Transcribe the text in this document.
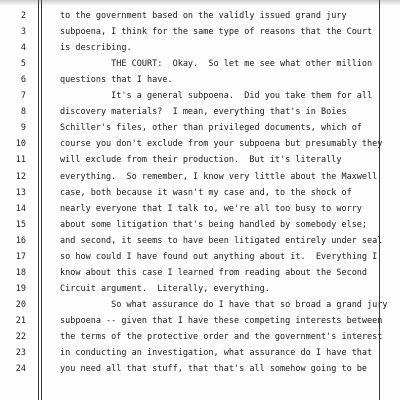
2	to the government based on the validly issued grand jury
3	subpoena, I think for the same type of reasons that the Court
4	is describing.
5	THE COURT:  Okay.  So let me see what other million
6	questions that I have.
7	It's a general subpoena.  Did you take them for all
8	discovery materials?  I mean, everything that's in Boies
9	Schiller's files, other than privileged documents, which of
10	course you don't exclude from your subpoena but presumably they
11	will exclude from their production.  But it's literally
12	everything.  So remember, I know very little about the Maxwell
13	case, both because it wasn't my case and, to the shock of
14	nearly everyone that I talk to, we're all too busy to worry
15	about some litigation that's being handled by somebody else;
16	and second, it seems to have been litigated entirely under seal
17	so how could I have found out anything about it.  Everything I
18	know about this case I learned from reading about the Second
19	Circuit argument.  Literally, everything.
20	So what assurance do I have that so broad a grand jury
21	subpoena -- given that I have these competing interests between
22	the terms of the protective order and the government's interest
23	in conducting an investigation, what assurance do I have that
24	you need all that stuff, that that's all somehow going to be
